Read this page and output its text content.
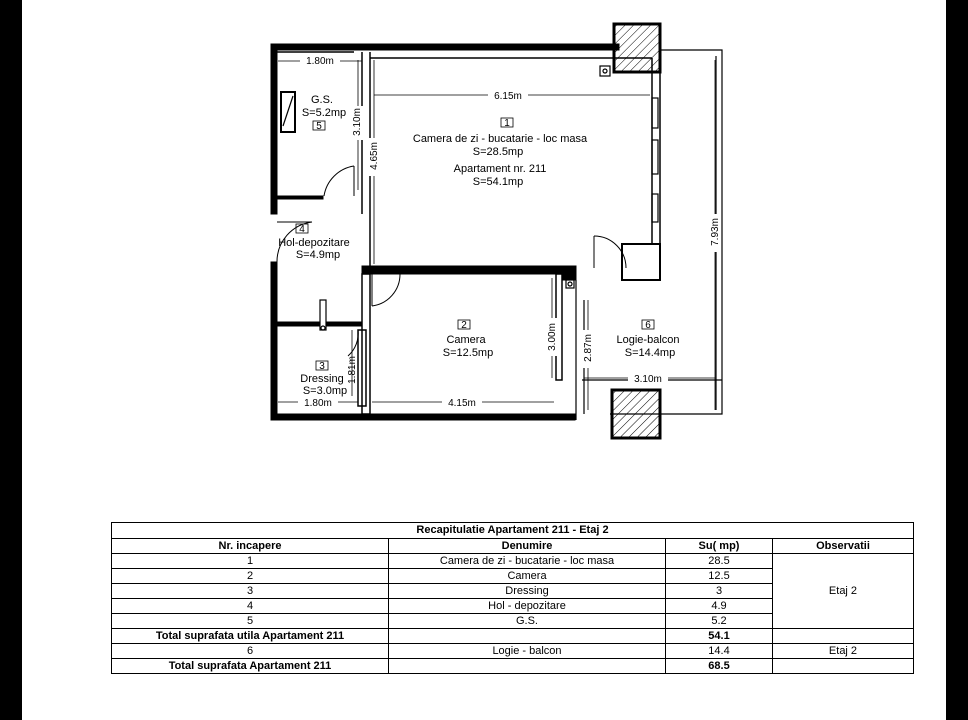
1.80m
3.10m
6.15m
4.65m
7.93m
3.00m	2.87m
1.81m	3.10m
4.15m
1.80m
G.S.
S=5.2mp
5	1
Camera de zi - bucatarie - loc masa
S=28.5mp
Apartament nr. 211
S=54.1mp
4
Hol-depozitare
S=4.9mp
2
Camera
S=12.5mp
3
Dressing
S=3.0mp
6
Logie-balcon
S=14.4mp
Recapitulatie Apartament 211 - Etaj 2			
Nr. incapere	Denumire	Su( mp)	Observatii
1	Camera de zi - bucatarie - loc masa	28.5	Etaj 2
2	Camera	12.5	
3	Dressing	3	
4	Hol - depozitare	4.9	
5	G.S.	5.2	
Total suprafata utila Apartament 211		54.1	
6	Logie - balcon	14.4	Etaj 2
Total suprafata Apartament 211		68.5	
